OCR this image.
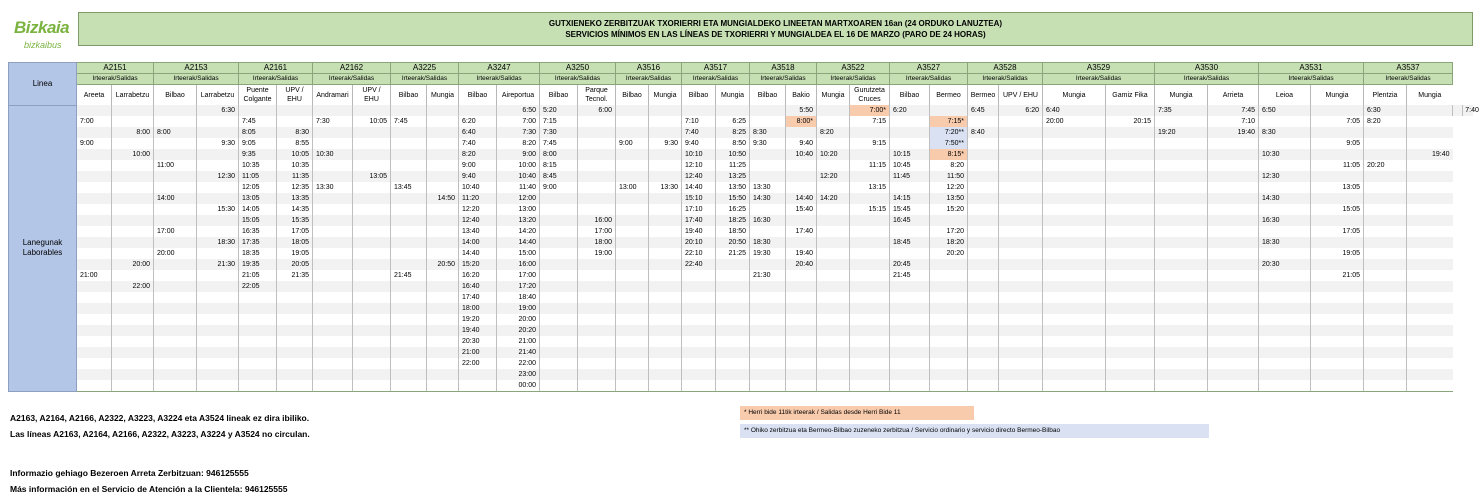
Bizkaia
bizkaibus
GUTXIENEKO ZERBITZUAK TXORIERRI ETA MUNGIALDEKO LINEETAN MARTXOAREN 16an (24 ORDUKO LANUZTEA)
SERVICIOS MÍNIMOS EN LAS LÍNEAS DE TXORIERRI Y MUNGIALDEA EL 16 DE MARZO (PARO DE 24 HORAS)

Linea	A2151		A2153		A2161		A2162		A3225		A3247		A3250		A3516		A3517		A3518		A3522		A3527		A3528		A3529		A3530		A3531		A3537			
	Irteerak/Salidas		Irteerak/Salidas		Irteerak/Salidas		Irteerak/Salidas		Irteerak/Salidas		Irteerak/Salidas		Irteerak/Salidas		Irteerak/Salidas		Irteerak/Salidas		Irteerak/Salidas		Irteerak/Salidas		Irteerak/Salidas		Irteerak/Salidas		Irteerak/Salidas		Irteerak/Salidas		Irteerak/Salidas		Irteerak/Salidas			
	Areeta	Larrabetzu	Bilbao	Larrabetzu	Puente Colgante	UPV / EHU	Andramari	UPV / EHU	Bilbao	Mungia	Bilbao	Aireportua	Bilbao	Parque Tecnol.	Bilbao	Mungia	Bilbao	Mungia	Bilbao	Bakio	Mungia	Gurutzeta Cruces	Bilbao	Bermeo	Bermeo	UPV / EHU	Mungia	Gamiz Fika	Mungia	Arrieta	Leioa	Mungia	Plentzia	Mungia		

Lanegunak
Laborables				6:30								6:50	5:20	6:00						5:50		7:00*	6:20		6:45	6:20	6:40		7:35	7:45	6:50		6:30			7:40
	7:00				7:45		7:30	10:05	7:45		6:20	7:00	7:15				7:10	6:25		8:00*		7:15		7:15*			20:00	20:15		7:10		7:05	8:20			
		8:00	8:00		8:05	8:30					6:40	7:30	7:30				7:40	8:25	8:30		8:20			7:20**	8:40				19:20	19:40	8:30					
	9:00			9:30	9:05	8:55					7:40	8:20	7:45		9:00	9:30	9:40	8:50	9:30	9:40		9:15		7:50**								9:05				
		10:00			9:35	10:05	10:30				8:20	9:00	8:00				10:10	10:50		10:40	10:20		10:15	8:15*							10:30			19:40		
			11:00		10:35	10:35					9:00	10:00	8:15				12:10	11:25				11:15	10:45	8:20								11:05	20:20			
				12:30	11:05	11:35		13:05			9:40	10:40	8:45				12:40	13:25			12:20		11:45	11:50							12:30					
					12:05	12:35	13:30		13:45		10:40	11:40	9:00		13:00	13:30	14:40	13:50	13:30			13:15		12:20								13:05				
			14:00		13:05	13:35				14:50	11:20	12:00					15:10	15:50	14:30	14:40	14:20		14:15	13:50							14:30					
				15:30	14:05	14:35					12:20	13:00					17:10	16:25		15:40		15:15	15:45	15:20								15:05				
					15:05	15:35					12:40	13:20		16:00			17:40	18:25	16:30				16:45								16:30					
			17:00		16:35	17:05					13:40	14:20		17:00			19:40	18:50		17:40				17:20								17:05				
				18:30	17:35	18:05					14:00	14:40		18:00			20:10	20:50	18:30				18:45	18:20							18:30					
			20:00		18:35	19:05					14:40	15:00		19:00			22:10	21:25	19:30	19:40				20:20								19:05				
		20:00		21:30	19:35	20:05				20:50	15:20	16:00					22:40			20:40			20:45								20:30					
	21:00				21:05	21:35			21:45		16:20	17:00							21:30				21:45									21:05				
		22:00			22:05						16:40	17:20																								
											17:40	18:40																								
											18:00	19:00																								
											19:20	20:00																								
											19:40	20:20																								
											20:30	21:00																								
											21:00	21:40																								
											22:00	22:00																								
												23:00																								
												00:00																								
A2163, A2164, A2166, A2322, A3223, A3224 eta A3524 lineak ez dira ibiliko.
Las líneas A2163, A2164, A2166, A2322, A3223, A3224 y A3524 no circulan.
Informazio gehiago Bezeroen Arreta Zerbitzuan: 946125555
Más información en el Servicio de Atención a la Clientela: 946125555
* Herri bide 11tik irteerak / Salidas desde Herri Bide 11
** Ohiko zerbitzua eta Bermeo-Bilbao zuzeneko zerbitzua / Servicio ordinario y servicio directo Bermeo-Bilbao
